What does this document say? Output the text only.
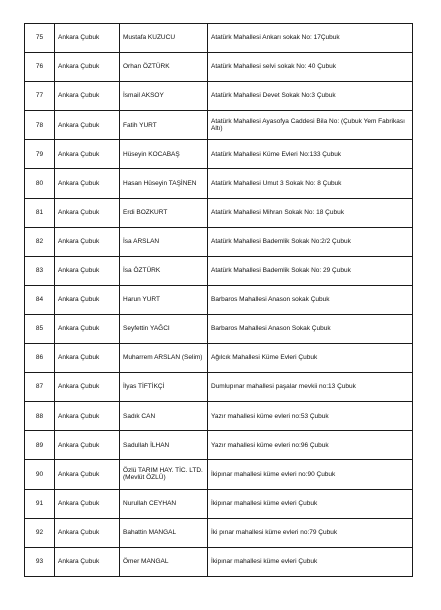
75	Ankara Çubuk	Mustafa KUZUCU	Atatürk Mahallesi Ankarı sokak No: 17Çubuk
76	Ankara Çubuk	Orhan ÖZTÜRK	Atatürk Mahallesi selvi sokak No: 40 Çubuk
77	Ankara Çubuk	İsmail AKSOY	Atatürk Mahallesi Devet Sokak No:3 Çubuk
78	Ankara Çubuk	Fatih YURT	Atatürk Mahallesi Ayasofya Caddesi Bila No: (Çubuk Yem Fabrikası Altı)
79	Ankara Çubuk	Hüseyin KOCABAŞ	Atatürk Mahallesi Küme Evleri No:133 Çubuk
80	Ankara Çubuk	Hasan Hüseyin TAŞİNEN	Atatürk Mahallesi Umut 3 Sokak No: 8 Çubuk
81	Ankara Çubuk	Erdi BOZKURT	Atatürk Mahallesi Mihran Sokak No: 18 Çubuk
82	Ankara Çubuk	İsa ARSLAN	Atatürk Mahallesi Bademlik Sokak No:2/2 Çubuk
83	Ankara Çubuk	İsa ÖZTÜRK	Atatürk Mahallesi Bademlik Sokak No: 29 Çubuk
84	Ankara Çubuk	Harun YURT	Barbaros Mahallesi Anason sokak Çubuk
85	Ankara Çubuk	Seyfettin YAĞCI	Barbaros Mahallesi Anason Sokak Çubuk
86	Ankara Çubuk	Muharrem ARSLAN (Selim)	Ağılcık Mahallesi Küme Evleri Çubuk
87	Ankara Çubuk	İlyas TİFTİKÇİ	Dumlupınar mahallesi paşalar mevkii no:13 Çubuk
88	Ankara Çubuk	Sadık CAN	Yazır mahallesi küme evleri no:53 Çubuk
89	Ankara Çubuk	Sadullah İLHAN	Yazır mahallesi küme evleri no:96 Çubuk
90	Ankara Çubuk	Özlü TARIM HAY. TİC. LTD. (Mevlüt ÖZLÜ)	İkipınar mahallesi küme evleri no:90 Çubuk
91	Ankara Çubuk	Nurullah CEYHAN	İkipınar mahallesi küme evleri Çubuk
92	Ankara Çubuk	Bahattin MANGAL	İki pınar mahallesi küme evleri no:79 Çubuk
93	Ankara Çubuk	Ömer MANGAL	İkipınar mahallesi küme evleri Çubuk
